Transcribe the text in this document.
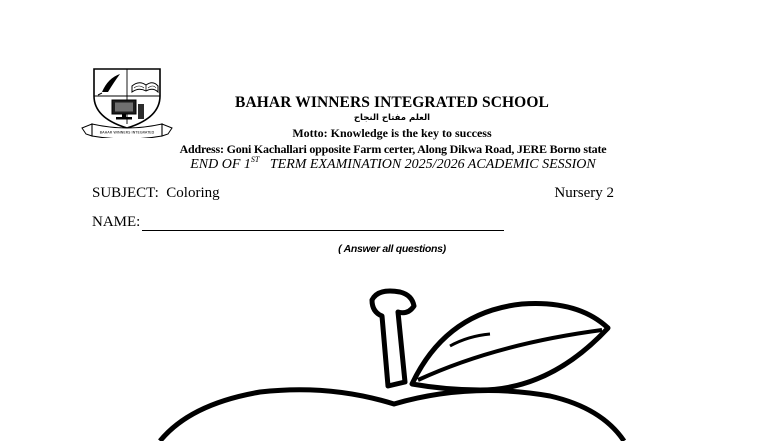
BAHAR WINNERS INTEGRATED
BAHAR WINNERS INTEGRATED SCHOOL
العلم مفتاح النجاح
Motto: Knowledge is the key to success
Address: Goni Kachallari opposite Farm certer, Along Dikwa Road, JERE Borno state
END OF 1ST TERM EXAMINATION 2025/2026 ACADEMIC SESSION
SUBJECT: Coloring	Nursery 2
NAME:
( Answer all questions)
